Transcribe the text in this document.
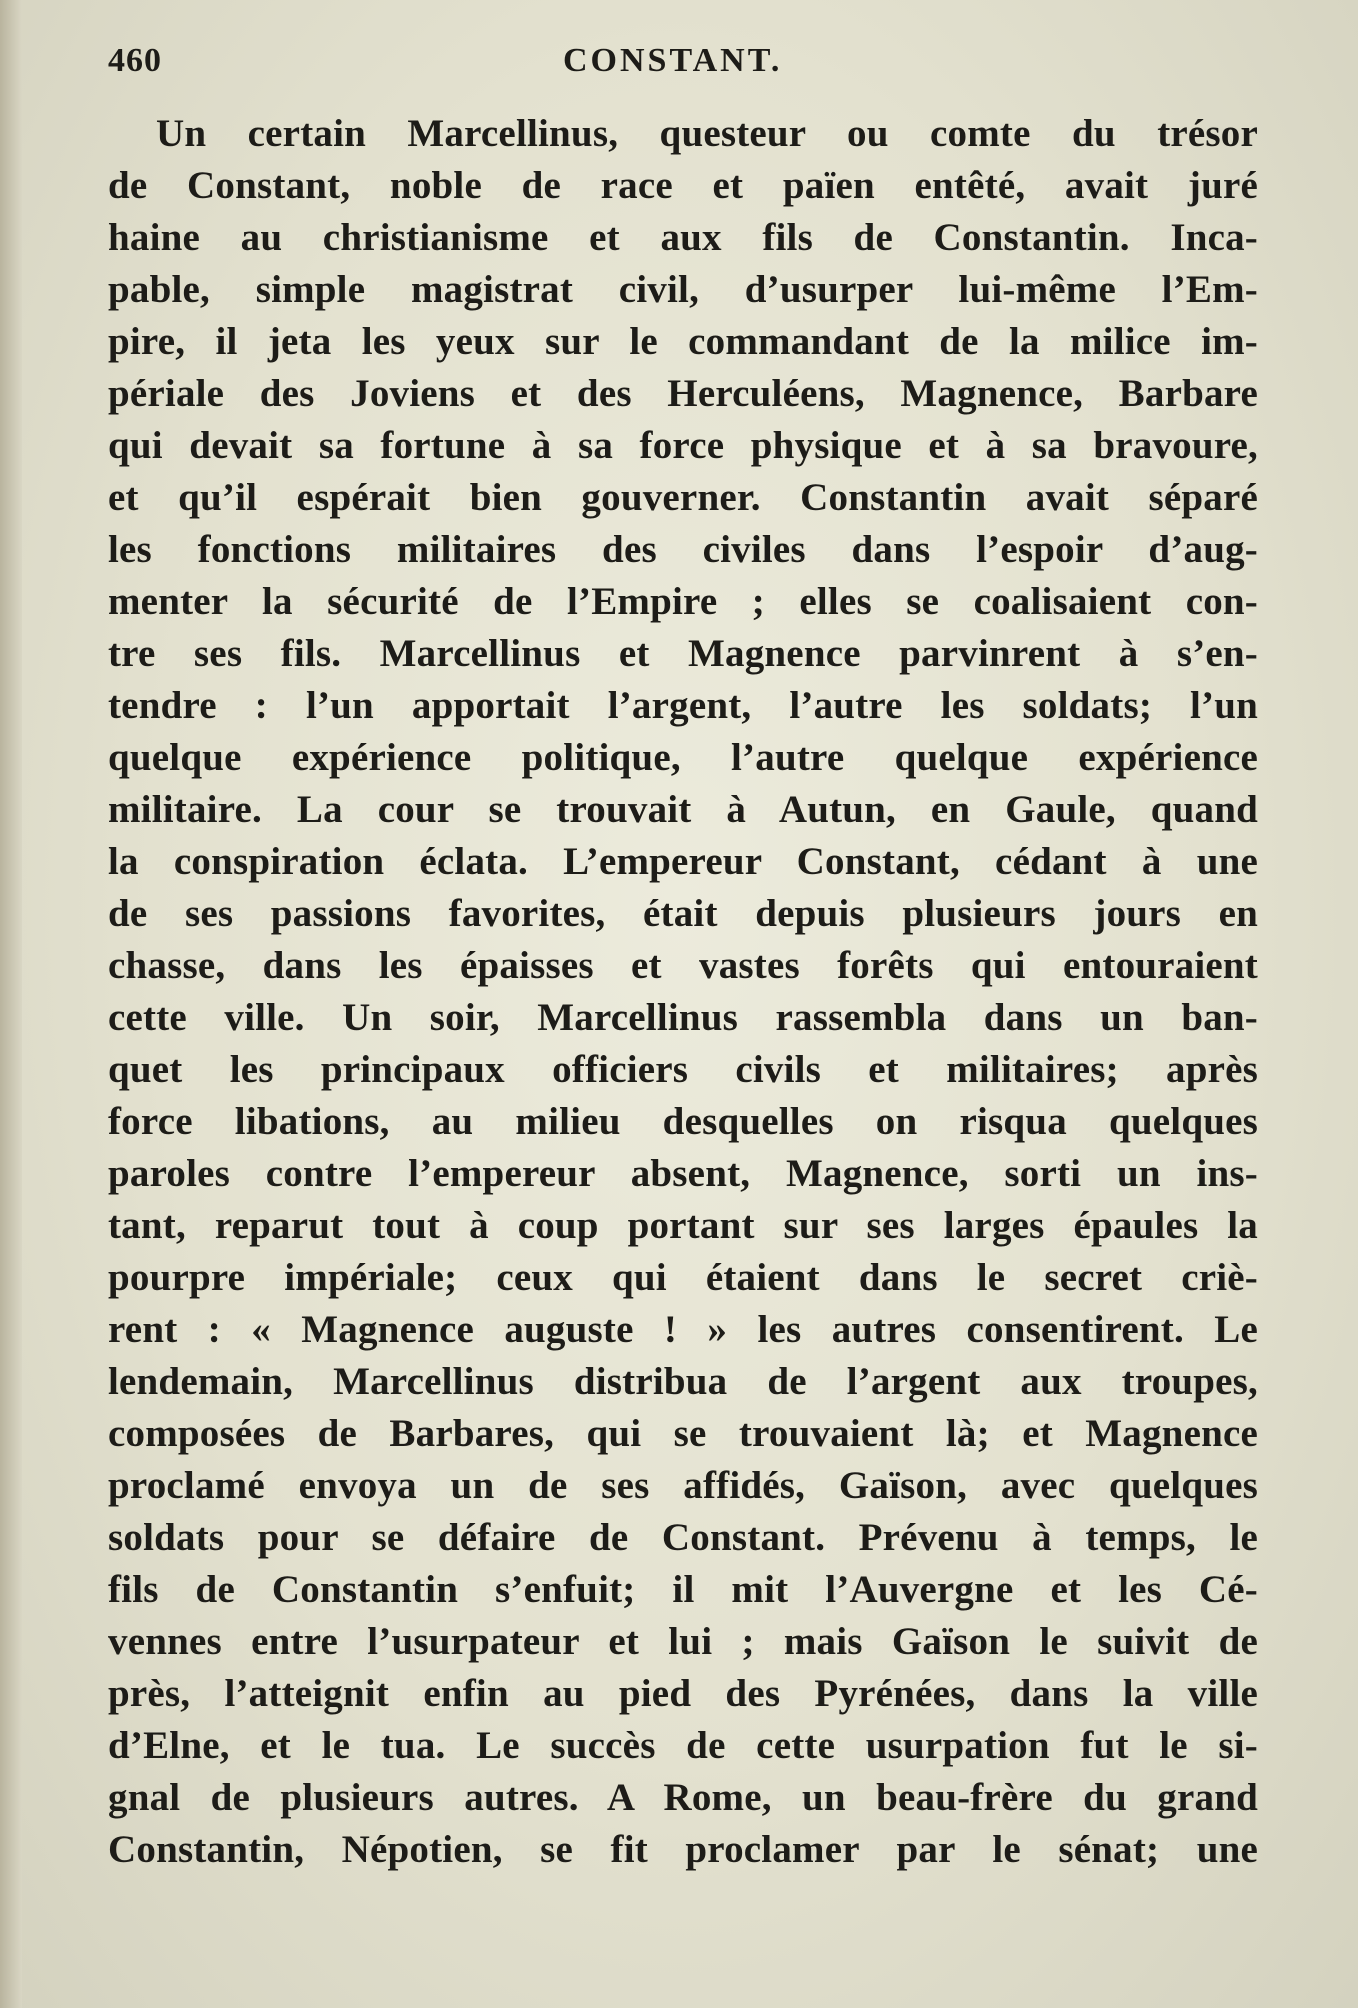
460	CONSTANT.
Un certain Marcellinus, questeur ou comte du trésor
de Constant, noble de race et païen entêté, avait juré
haine au christianisme et aux fils de Constantin. Inca-
pable, simple magistrat civil, d’usurper lui-même l’Em-
pire, il jeta les yeux sur le commandant de la milice im-
périale des Joviens et des Herculéens, Magnence, Barbare
qui devait sa fortune à sa force physique et à sa bravoure,
et qu’il espérait bien gouverner. Constantin avait séparé
les fonctions militaires des civiles dans l’espoir d’aug-
menter la sécurité de l’Empire ; elles se coalisaient con-
tre ses fils. Marcellinus et Magnence parvinrent à s’en-
tendre : l’un apportait l’argent, l’autre les soldats; l’un
quelque expérience politique, l’autre quelque expérience
militaire. La cour se trouvait à Autun, en Gaule, quand
la conspiration éclata. L’empereur Constant, cédant à une
de ses passions favorites, était depuis plusieurs jours en
chasse, dans les épaisses et vastes forêts qui entouraient
cette ville. Un soir, Marcellinus rassembla dans un ban-
quet les principaux officiers civils et militaires; après
force libations, au milieu desquelles on risqua quelques
paroles contre l’empereur absent, Magnence, sorti un ins-
tant, reparut tout à coup portant sur ses larges épaules la
pourpre impériale; ceux qui étaient dans le secret criè-
rent : « Magnence auguste ! » les autres consentirent. Le
lendemain, Marcellinus distribua de l’argent aux troupes,
composées de Barbares, qui se trouvaient là; et Magnence
proclamé envoya un de ses affidés, Gaïson, avec quelques
soldats pour se défaire de Constant. Prévenu à temps, le
fils de Constantin s’enfuit; il mit l’Auvergne et les Cé-
vennes entre l’usurpateur et lui ; mais Gaïson le suivit de
près, l’atteignit enfin au pied des Pyrénées, dans la ville
d’Elne, et le tua. Le succès de cette usurpation fut le si-
gnal de plusieurs autres. A Rome, un beau-frère du grand
Constantin, Népotien, se fit proclamer par le sénat; une
